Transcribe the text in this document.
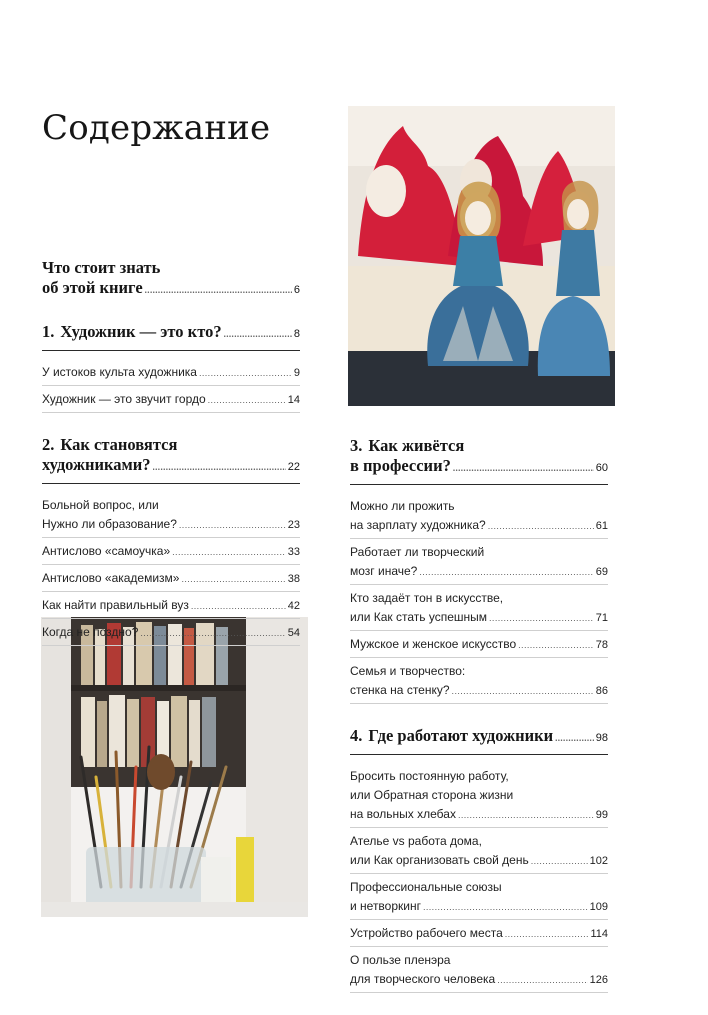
Содержание
Что стоит знать
об этой книге .....	6
1. Художник — это кто? .....	8
У истоков культа художника .....	9
Художник — это звучит гордо .....	14
2. Как становятся
художниками? .....	22
Больной вопрос, или
Нужно ли образование? .....	23
Антислово «самоучка» .....	33
Антислово «академизм» .....	38
Как найти правильный вуз .....	42
Когда не поздно? .....	54
3. Как живётся
в профессии? .....	60
Можно ли прожить
на зарплату художника? .....	61
Работает ли творческий
мозг иначе? .....	69
Кто задаёт тон в искусстве,
или Как стать успешным .....	71
Мужское и женское искусство .....	78
Семья и творчество:
стенка на стенку? .....	86
4. Где работают художники .....	98
Бросить постоянную работу,
или Обратная сторона жизни
на вольных хлебах .....	99
Ателье vs работа дома,
или Как организовать свой день .....	102
Профессиональные союзы
и нетворкинг .....	109
Устройство рабочего места .....	114
О пользе пленэра
для творческого человека .....	126
